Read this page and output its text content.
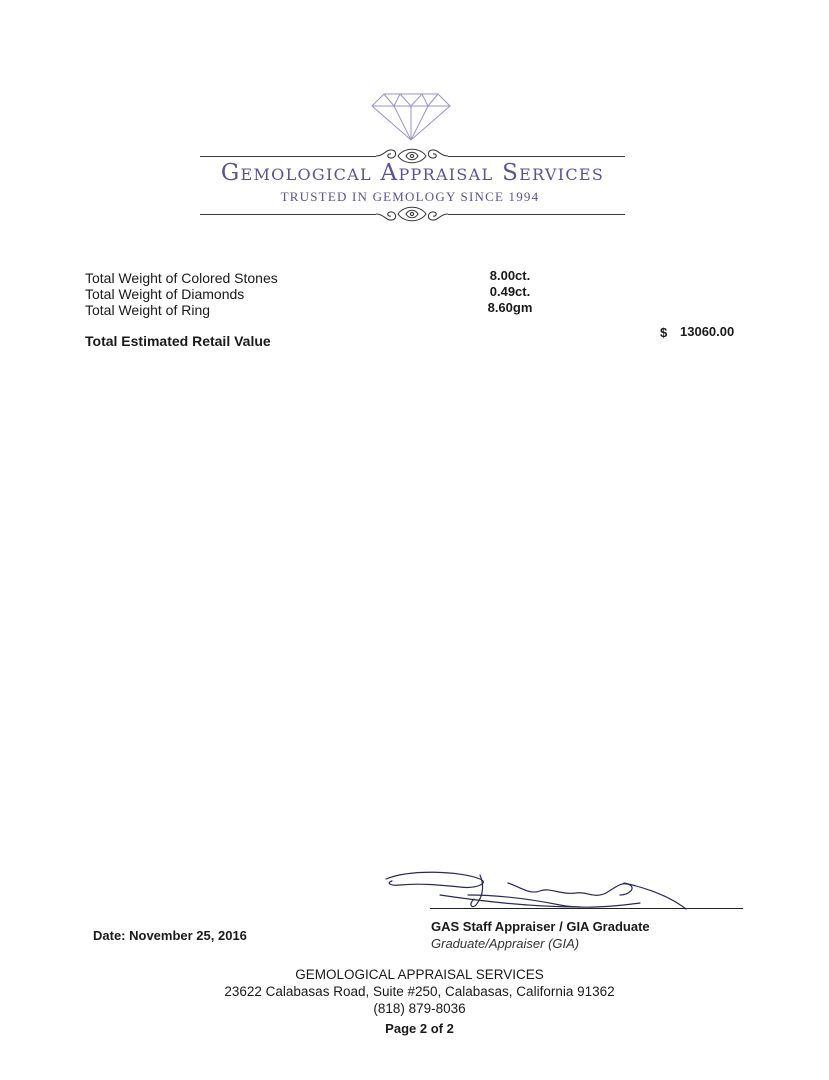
Gemological Appraisal Services
TRUSTED IN GEMOLOGY SINCE 1994
Total Weight of Colored Stones	8.00ct.
Total Weight of Diamonds	0.49ct.
Total Weight of Ring	8.60gm
Total Estimated Retail Value
$ 13060.00
GAS Staff Appraiser / GIA Graduate
Graduate/Appraiser (GIA)
Date: November 25, 2016
GEMOLOGICAL APPRAISAL SERVICES
23622 Calabasas Road, Suite #250, Calabasas, California 91362
(818) 879-8036
Page 2 of 2
